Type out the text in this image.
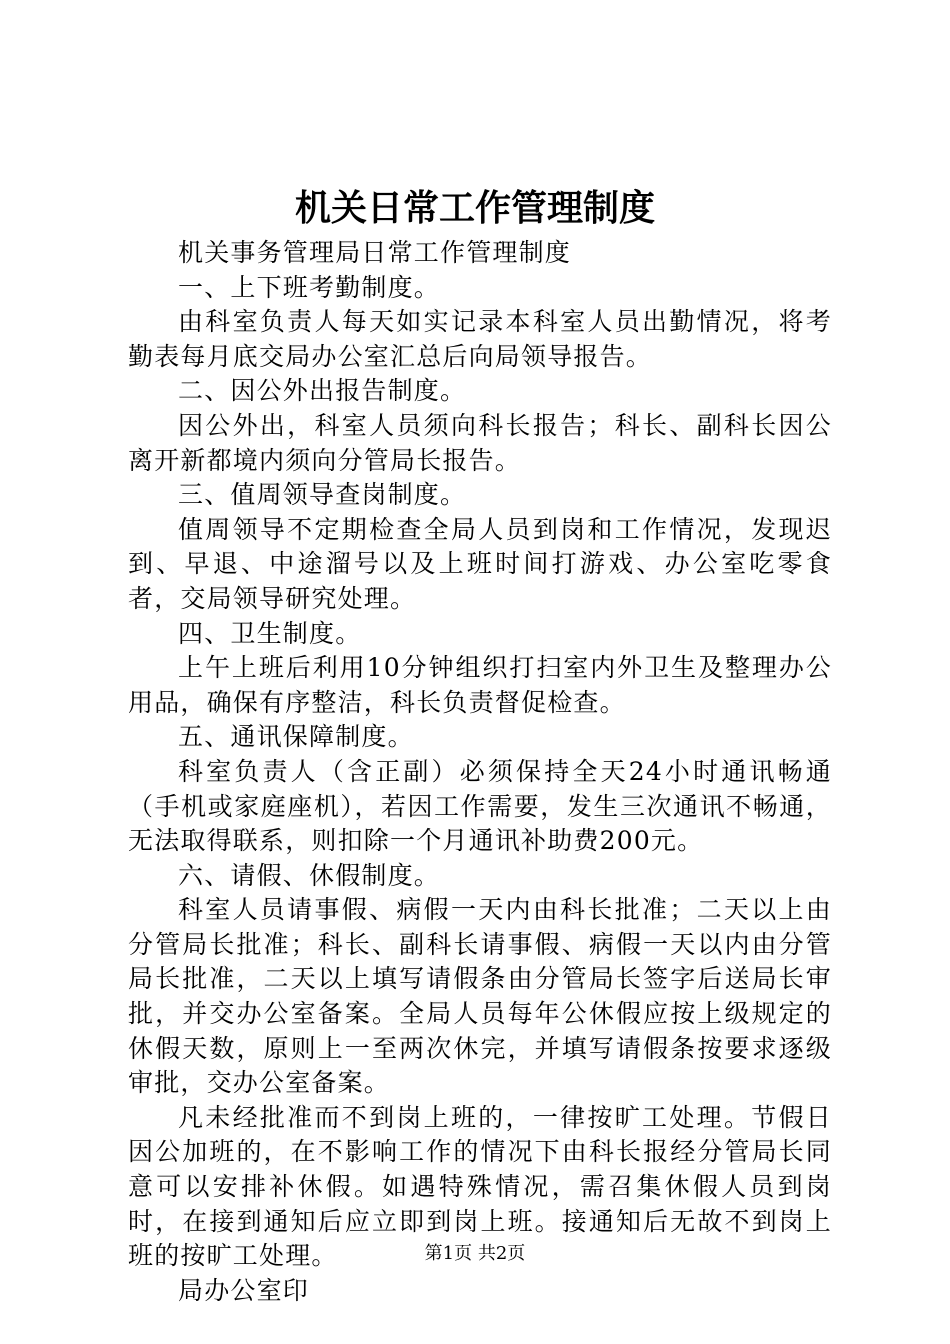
机关日常工作管理制度

机关事务管理局日常工作管理制度

一、上下班考勤制度。

由科室负责人每天如实记录本科室人员出勤情况，将考勤表每月底交局办公室汇总后向局领导报告。

二、因公外出报告制度。

因公外出，科室人员须向科长报告；科长、副科长因公离开新都境内须向分管局长报告。

三、值周领导查岗制度。

值周领导不定期检查全局人员到岗和工作情况，发现迟到、早退、中途溜号以及上班时间打游戏、办公室吃零食者，交局领导研究处理。

四、卫生制度。

上午上班后利用10分钟组织打扫室内外卫生及整理办公用品，确保有序整洁，科长负责督促检查。

五、通讯保障制度。

科室负责人（含正副）必须保持全天24小时通讯畅通（手机或家庭座机），若因工作需要，发生三次通讯不畅通，无法取得联系，则扣除一个月通讯补助费200元。

六、请假、休假制度。

科室人员请事假、病假一天内由科长批准；二天以上由分管局长批准；科长、副科长请事假、病假一天以内由分管局长批准，二天以上填写请假条由分管局长签字后送局长审批，并交办公室备案。全局人员每年公休假应按上级规定的休假天数，原则上一至两次休完，并填写请假条按要求逐级审批，交办公室备案。

凡未经批准而不到岗上班的，一律按旷工处理。节假日因公加班的，在不影响工作的情况下由科长报经分管局长同意可以安排补休假。如遇特殊情况，需召集休假人员到岗时，在接到通知后应立即到岗上班。接通知后无故不到岗上班的按旷工处理。

局办公室印

第1页 共2页
